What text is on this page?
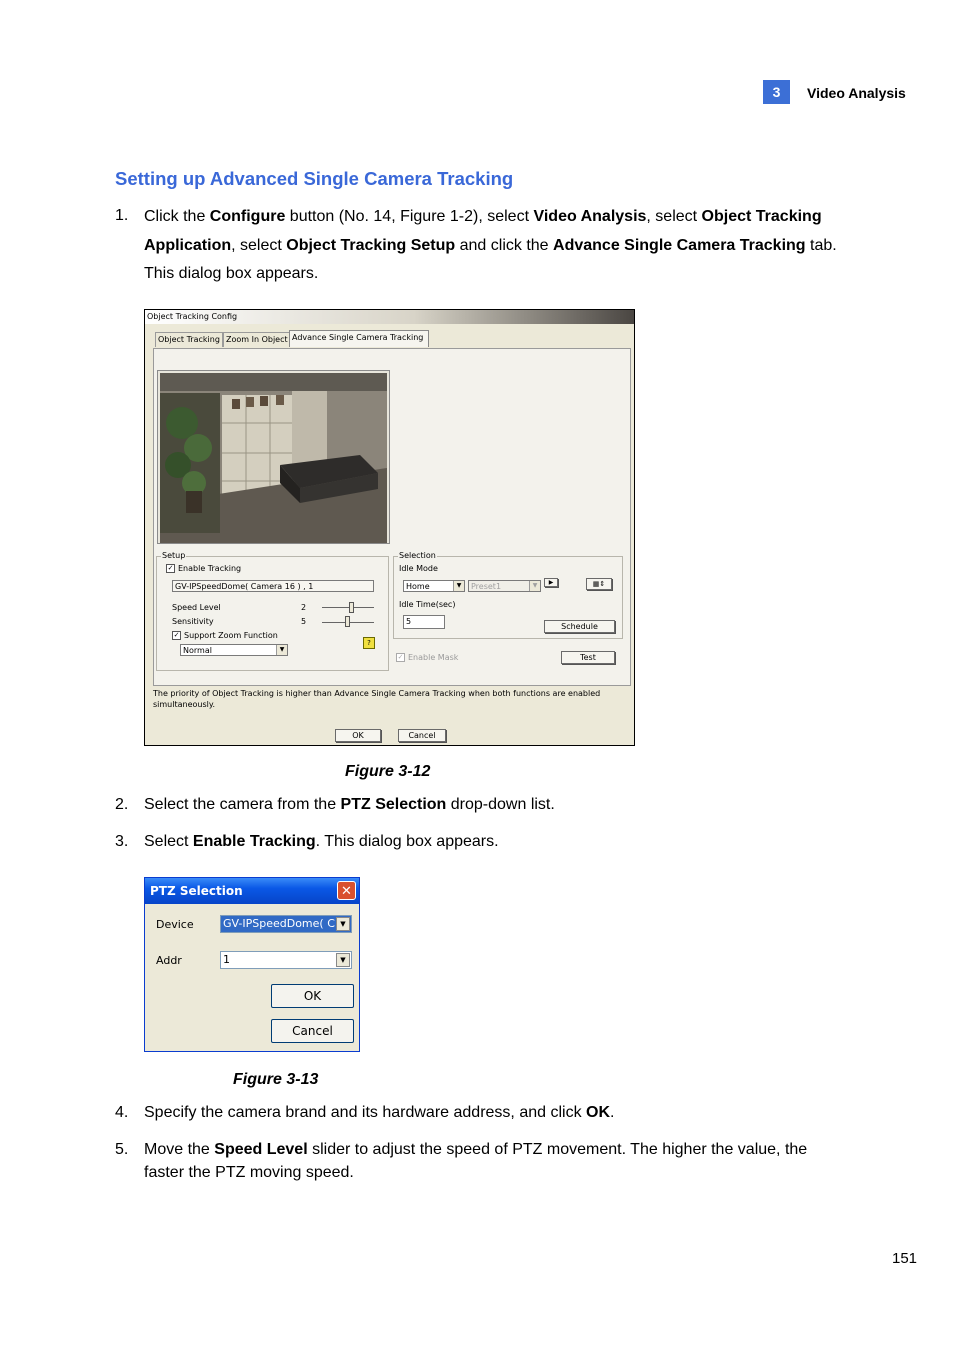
3	Video Analysis
Setting up Advanced Single Camera Tracking
1. Click the Configure button (No. 14, Figure 1-2), select Video Analysis, select Object Tracking
Application, select Object Tracking Setup and click the Advance Single Camera Tracking tab.
This dialog box appears.
Object Tracking Config
Object Tracking Zoom In Object Advance Single Camera Tracking
Setup
✓ Enable Tracking
GV-IPSpeedDome( Camera 16 ) , 1
Speed Level	2
Sensitivity	5
✓ Support Zoom Function
?
Normal	▼
Selection
Idle Mode
Home	▼	Preset1	▼	▶	▦⇕
Idle Time(sec)
5
Schedule
✓ Enable Mask	Test
The priority of Object Tracking is higher than Advance Single Camera Tracking when both functions are enabled
simultaneously.
OK	Cancel
Figure 3-12
2. Select the camera from the PTZ Selection drop-down list.
3. Select Enable Tracking. This dialog box appears.
PTZ Selection	✕
Device	GV-IPSpeedDome( C ▼
Addr	1	▼
OK
Cancel
Figure 3-13
4. Specify the camera brand and its hardware address, and click OK.
5. Move the Speed Level slider to adjust the speed of PTZ movement. The higher the value, the
faster the PTZ moving speed.
151
